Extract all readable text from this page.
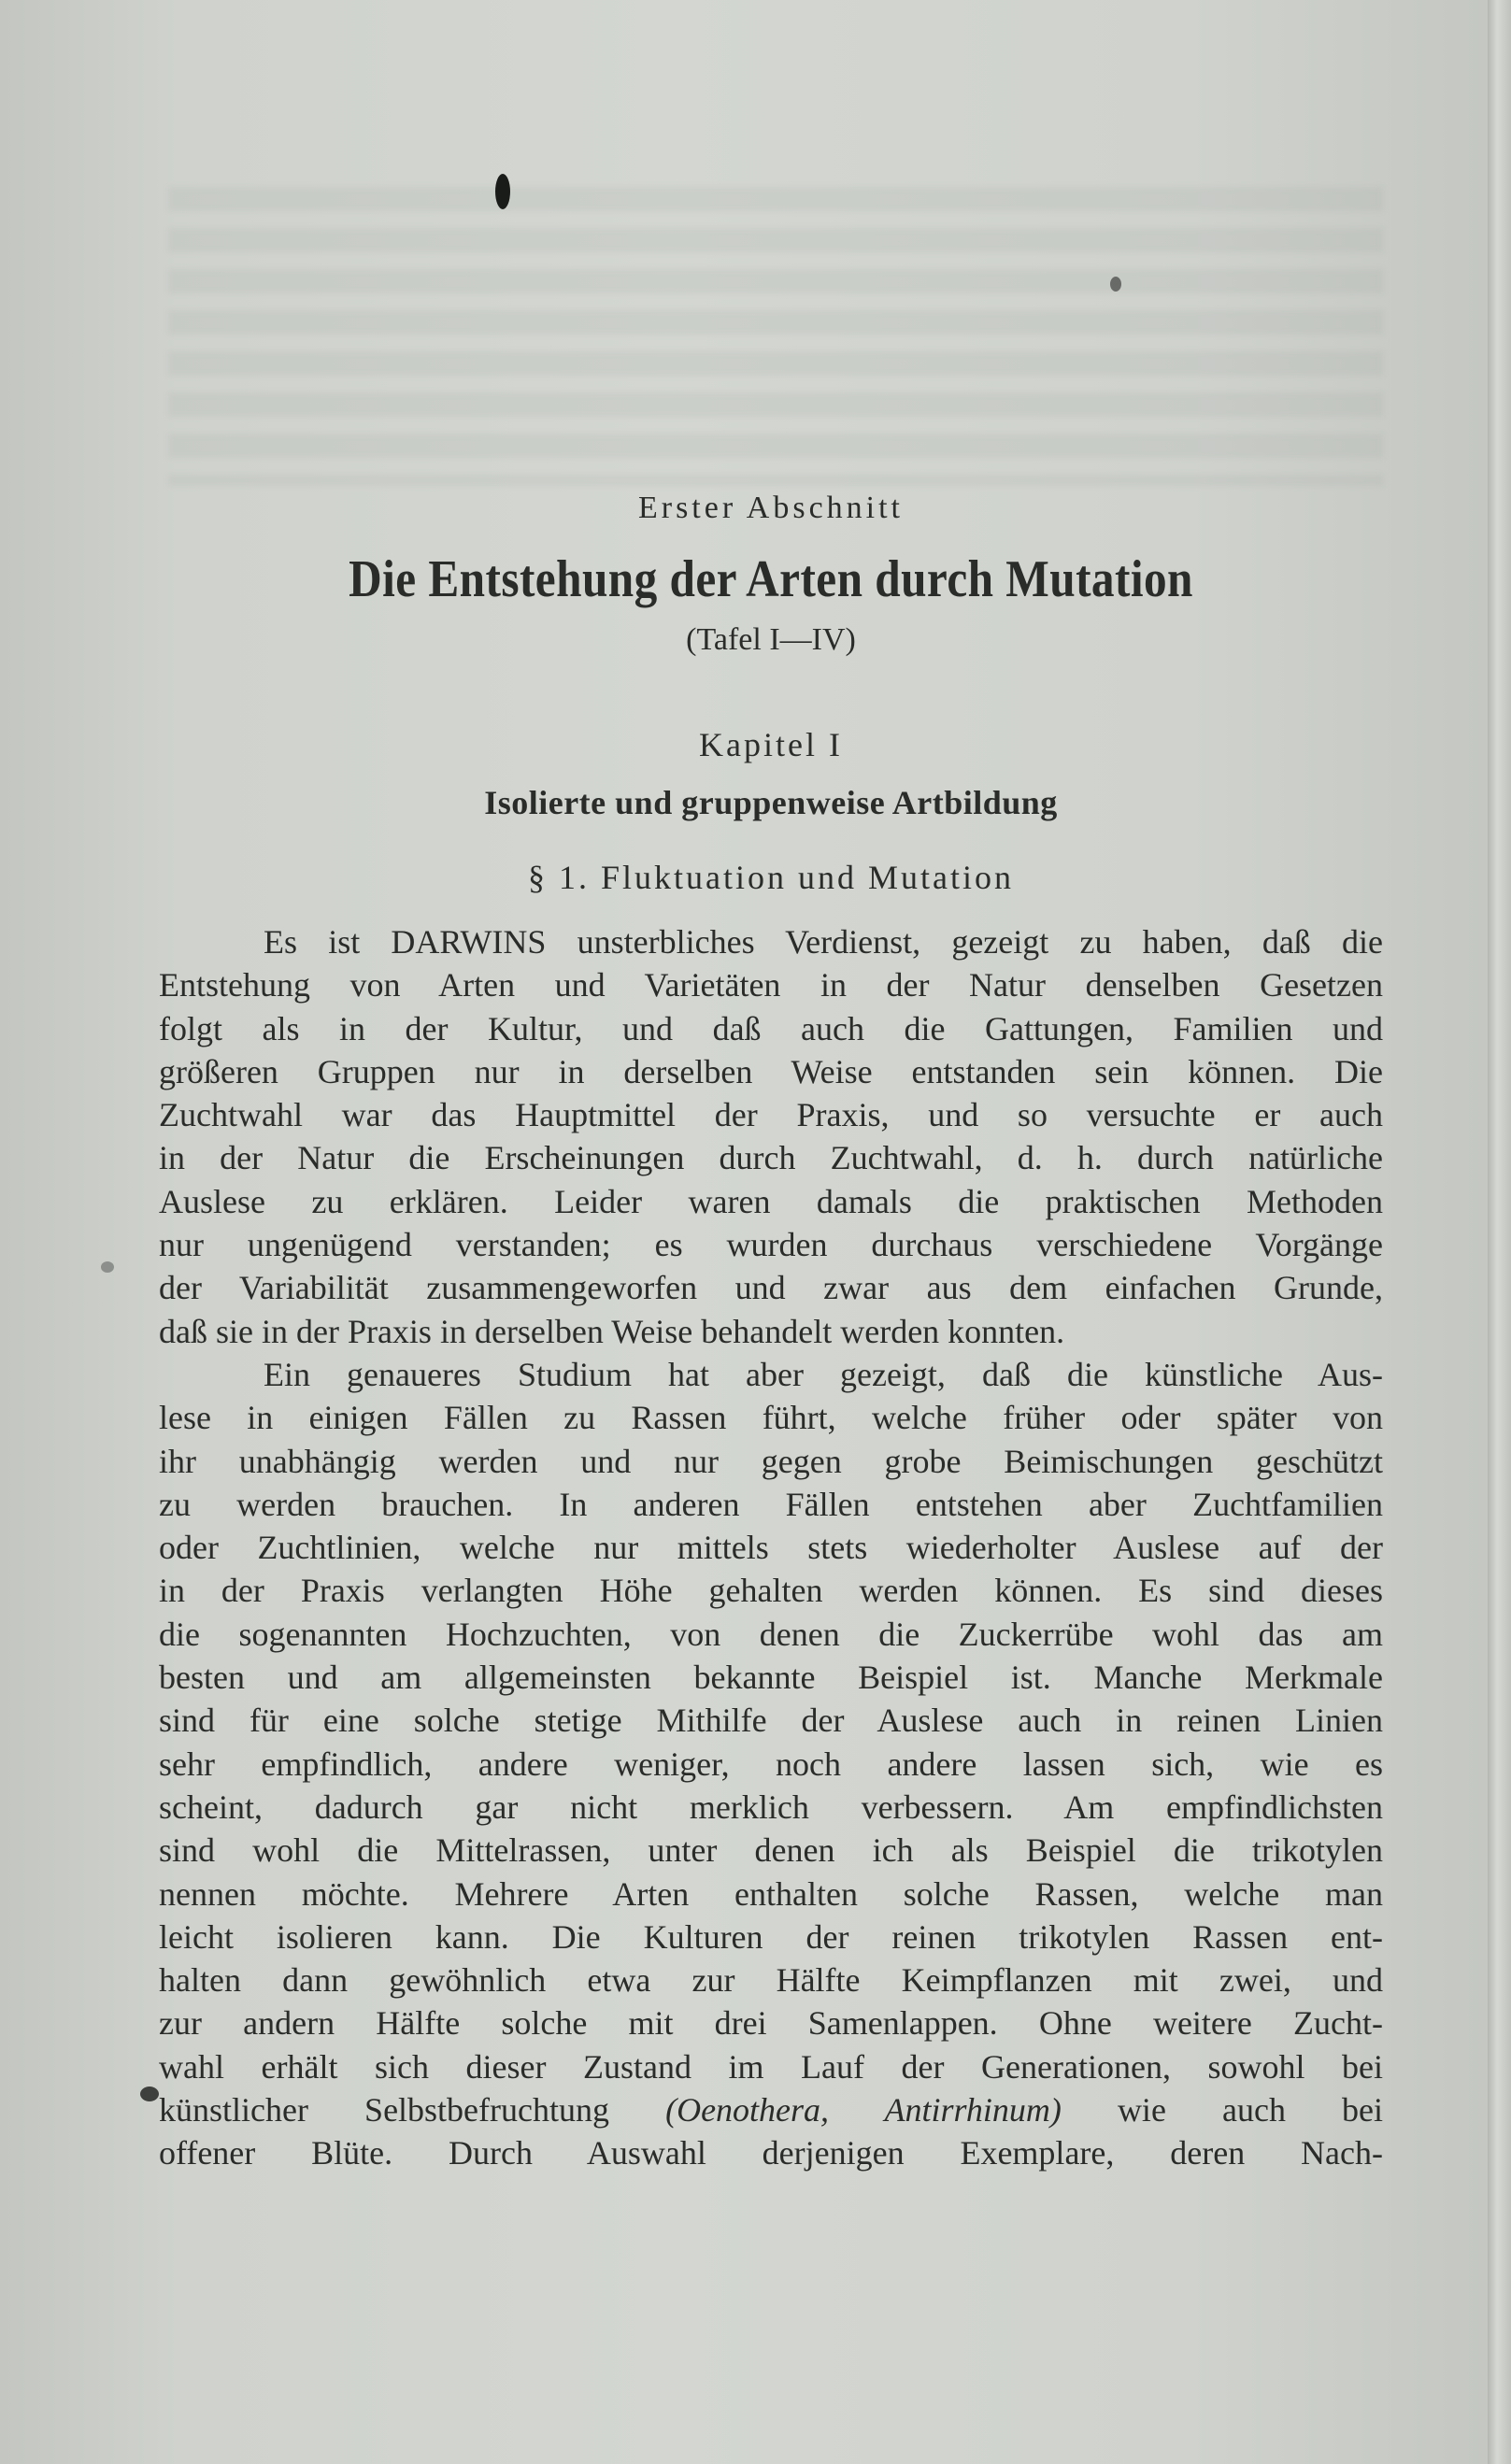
Erster Abschnitt
Die Entstehung der Arten durch Mutation
(Tafel I—IV)
Kapitel I
Isolierte und gruppenweise Artbildung
§ 1. Fluktuation und Mutation
Es ist DARWINS unsterbliches Verdienst, gezeigt zu haben, daß die
Entstehung von Arten und Varietäten in der Natur denselben Gesetzen
folgt als in der Kultur, und daß auch die Gattungen, Familien und
größeren Gruppen nur in derselben Weise entstanden sein können. Die
Zuchtwahl war das Hauptmittel der Praxis, und so versuchte er auch
in der Natur die Erscheinungen durch Zuchtwahl, d. h. durch natürliche
Auslese zu erklären. Leider waren damals die praktischen Methoden
nur ungenügend verstanden; es wurden durchaus verschiedene Vorgänge
der Variabilität zusammengeworfen und zwar aus dem einfachen Grunde,
daß sie in der Praxis in derselben Weise behandelt werden konnten.
Ein genaueres Studium hat aber gezeigt, daß die künstliche Aus-
lese in einigen Fällen zu Rassen führt, welche früher oder später von
ihr unabhängig werden und nur gegen grobe Beimischungen geschützt
zu werden brauchen. In anderen Fällen entstehen aber Zuchtfamilien
oder Zuchtlinien, welche nur mittels stets wiederholter Auslese auf der
in der Praxis verlangten Höhe gehalten werden können. Es sind dieses
die sogenannten Hochzuchten, von denen die Zuckerrübe wohl das am
besten und am allgemeinsten bekannte Beispiel ist. Manche Merkmale
sind für eine solche stetige Mithilfe der Auslese auch in reinen Linien
sehr empfindlich, andere weniger, noch andere lassen sich, wie es
scheint, dadurch gar nicht merklich verbessern. Am empfindlichsten
sind wohl die Mittelrassen, unter denen ich als Beispiel die trikotylen
nennen möchte. Mehrere Arten enthalten solche Rassen, welche man
leicht isolieren kann. Die Kulturen der reinen trikotylen Rassen ent-
halten dann gewöhnlich etwa zur Hälfte Keimpflanzen mit zwei, und
zur andern Hälfte solche mit drei Samenlappen. Ohne weitere Zucht-
wahl erhält sich dieser Zustand im Lauf der Generationen, sowohl bei
künstlicher Selbstbefruchtung (Oenothera, Antirrhinum) wie auch bei
offener Blüte. Durch Auswahl derjenigen Exemplare, deren Nach-
